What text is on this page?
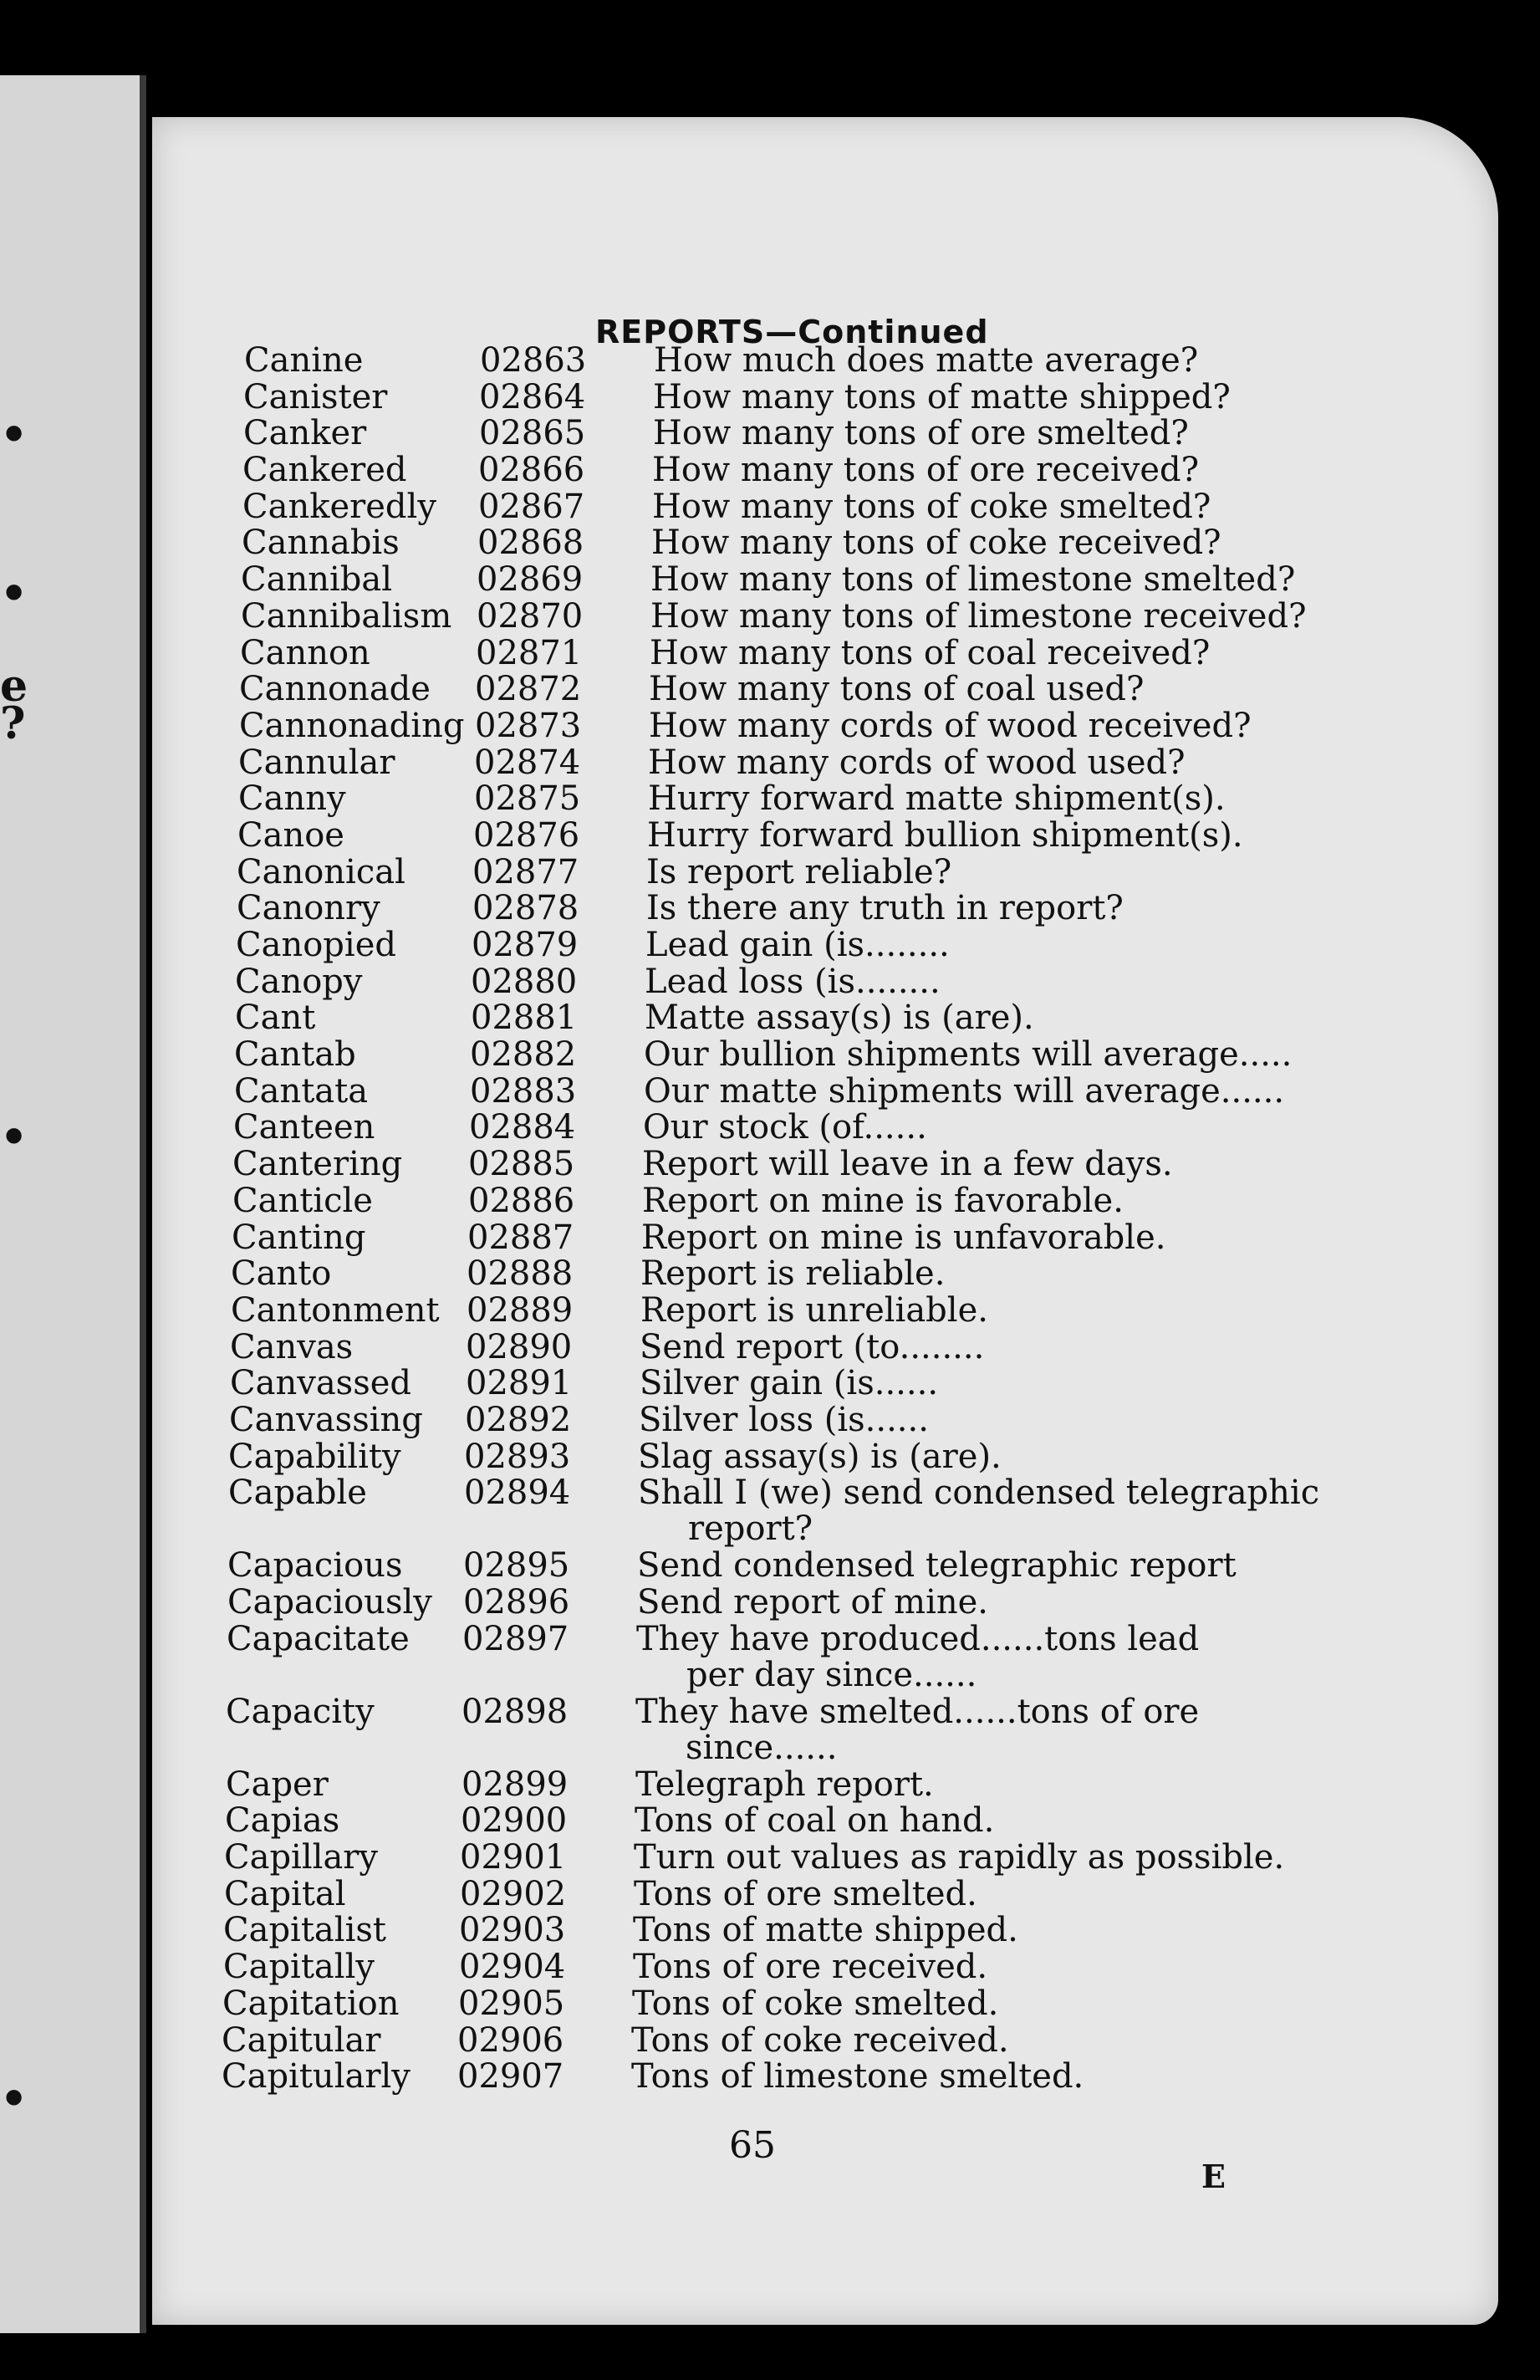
•
•
e
?
•
•
REPORTS—Continued
Canine	02863 How much does matte average?
Canister	02864 How many tons of matte shipped?
Canker	02865 How many tons of ore smelted?
Cankered 02866 How many tons of ore received?
Cankeredly 02867 How many tons of coke smelted?
Cannabis 02868 How many tons of coke received?
Cannibal	02869 How many tons of limestone smelted?
Cannibalism 02870 How many tons of limestone received?
Cannon	02871 How many tons of coal received?
Cannonade 02872 How many tons of coal used?
Cannonading 02873 How many cords of wood received?
Cannular 02874 How many cords of wood used?
Canny	02875 Hurry forward matte shipment(s).
Canoe	02876 Hurry forward bullion shipment(s).
Canonical 02877 Is report reliable?
Canonry	02878 Is there any truth in report?
Canopied 02879 Lead gain (is........
Canopy	02880 Lead loss (is........
Cant	02881 Matte assay(s) is (are).
Cantab	02882 Our bullion shipments will average.....
Cantata	02883 Our matte shipments will average......
Canteen	02884 Our stock (of......
Cantering 02885 Report will leave in a few days.
Canticle	02886 Report on mine is favorable.
Canting	02887 Report on mine is unfavorable.
Canto	02888 Report is reliable.
Cantonment 02889 Report is unreliable.
Canvas	02890 Send report (to........
Canvassed 02891 Silver gain (is......
Canvassing 02892 Silver loss (is......
Capability 02893 Slag assay(s) is (are).
Capable	02894 Shall I (we) send condensed telegraphic
report?
Capacious 02895 Send condensed telegraphic report
Capaciously 02896 Send report of mine.
Capacitate 02897 They have produced......tons lead
per day since......
Capacity	02898 They have smelted......tons of ore
since......
Caper	02899 Telegraph report.
Capias	02900 Tons of coal on hand.
Capillary 02901 Turn out values as rapidly as possible.
Capital	02902 Tons of ore smelted.
Capitalist 02903 Tons of matte shipped.
Capitally	02904 Tons of ore received.
Capitation 02905 Tons of coke smelted.
Capitular 02906 Tons of coke received.
Capitularly 02907 Tons of limestone smelted.
65
E
